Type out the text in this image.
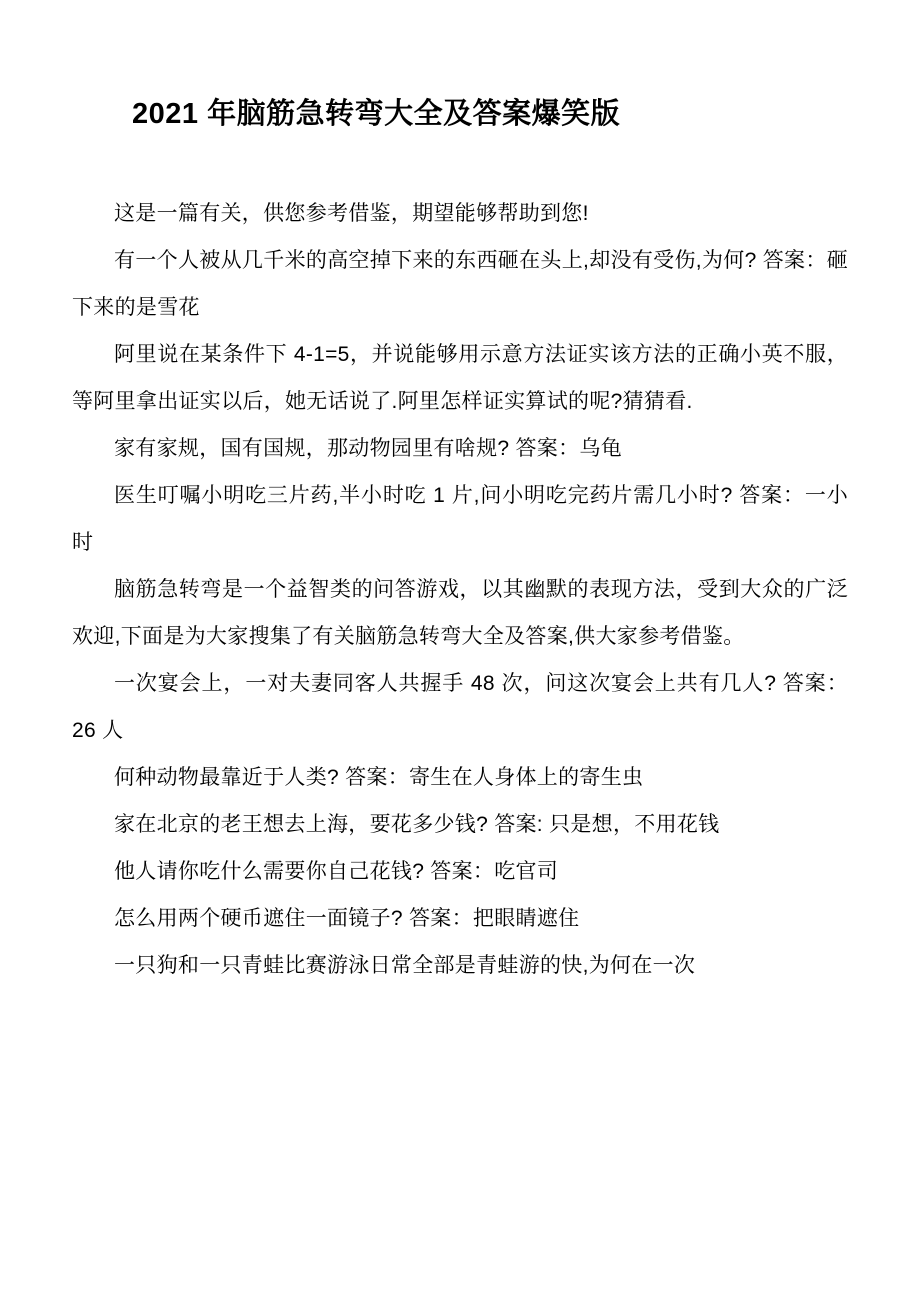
2021 年脑筋急转弯大全及答案爆笑版

这是一篇有关，供您参考借鉴，期望能够帮助到您!

有一个人被从几千米的高空掉下来的东西砸在头上,却没有受伤,为何? 答案：砸下来的是雪花

阿里说在某条件下 4-1=5，并说能够用示意方法证实该方法的正确小英不服，等阿里拿出证实以后，她无话说了.阿里怎样证实算试的呢?猜猜看.

家有家规，国有国规，那动物园里有啥规? 答案：乌龟

医生叮嘱小明吃三片药,半小时吃 1 片,问小明吃完药片需几小时? 答案：一小时

脑筋急转弯是一个益智类的问答游戏，以其幽默的表现方法，受到大众的广泛欢迎,下面是为大家搜集了有关脑筋急转弯大全及答案,供大家参考借鉴。

一次宴会上，一对夫妻同客人共握手 48 次，问这次宴会上共有几人? 答案：26 人

何种动物最靠近于人类? 答案：寄生在人身体上的寄生虫

家在北京的老王想去上海，要花多少钱? 答案: 只是想，不用花钱

他人请你吃什么需要你自己花钱? 答案：吃官司

怎么用两个硬币遮住一面镜子? 答案：把眼睛遮住

一只狗和一只青蛙比赛游泳日常全部是青蛙游的快,为何在一次
